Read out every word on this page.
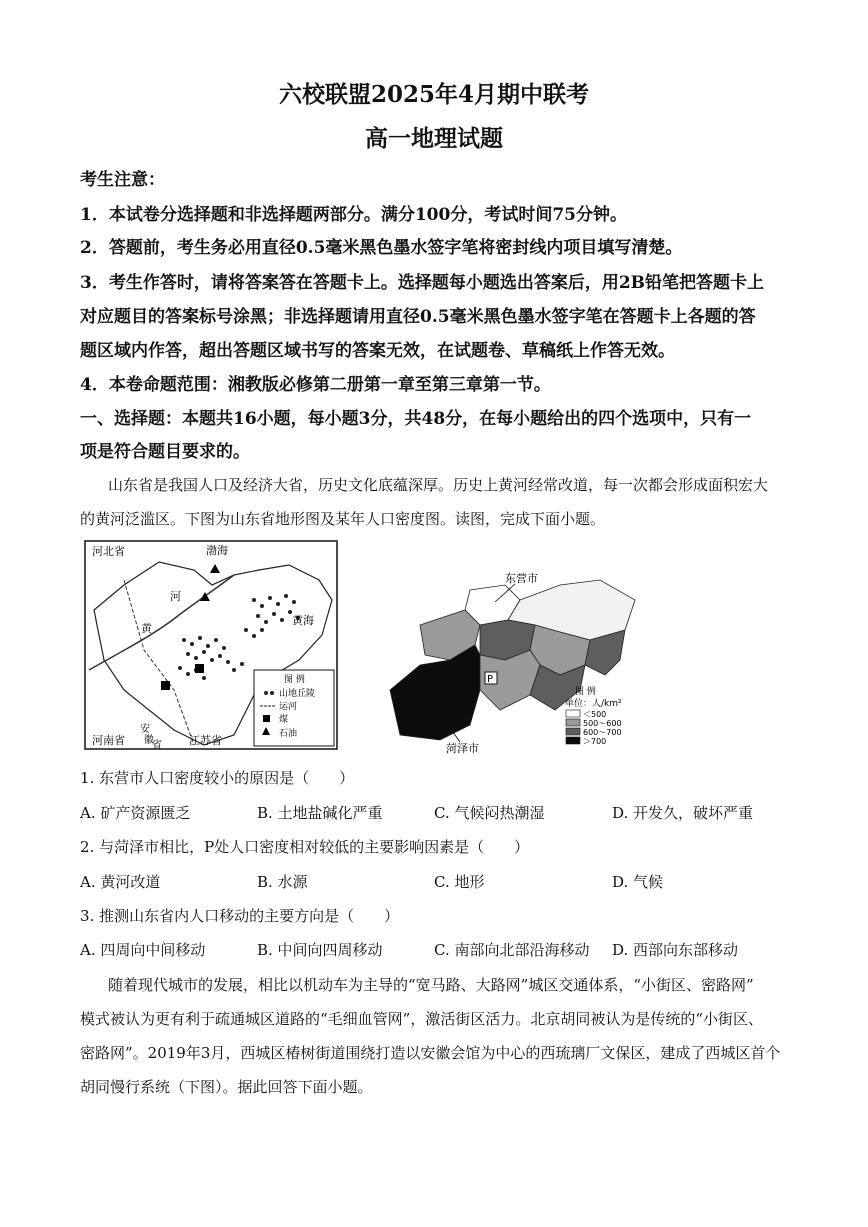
六校联盟2025年4月期中联考
高一地理试题
考生注意：
1．本试卷分选择题和非选择题两部分。满分100分，考试时间75分钟。
2．答题前，考生务必用直径0.5毫米黑色墨水签字笔将密封线内项目填写清楚。
3．考生作答时，请将答案答在答题卡上。选择题每小题选出答案后，用2B铅笔把答题卡上
对应题目的答案标号涂黑；非选择题请用直径0.5毫米黑色墨水签字笔在答题卡上各题的答
题区域内作答，超出答题区域书写的答案无效，在试题卷、草稿纸上作答无效。
4．本卷命题范围：湘教版必修第二册第一章至第三章第一节。
一、选择题：本题共16小题，每小题3分，共48分，在每小题给出的四个选项中，只有一
项是符合题目要求的。
山东省是我国人口及经济大省，历史文化底蕴深厚。历史上黄河经常改道，每一次都会形成面积宏大
的黄河泛滥区。下图为山东省地形图及某年人口密度图。读图，完成下面小题。
河北省	渤海
河
黄
黄海
河南省
安
徽
省 江苏省
图 例
山地丘陵
运河
煤
石油
P
东营市
菏泽市
图 例
单位：人/km²
＜500
500～600
600～700
＞700
1. 东营市人口密度较小的原因是（　　）
A. 矿产资源匮乏	B. 土地盐碱化严重	C. 气候闷热潮湿	D. 开发久，破坏严重
2. 与菏泽市相比，P处人口密度相对较低的主要影响因素是（　　）
A. 黄河改道	B. 水源	C. 地形	D. 气候
3. 推测山东省内人口移动的主要方向是（　　）
A. 四周向中间移动	B. 中间向四周移动	C. 南部向北部沿海移动 D. 西部向东部移动
随着现代城市的发展，相比以机动车为主导的“宽马路、大路网”城区交通体系，“小街区、密路网”
模式被认为更有利于疏通城区道路的“毛细血管网”，激活街区活力。北京胡同被认为是传统的“小街区、
密路网”。2019年3月，西城区椿树街道围绕打造以安徽会馆为中心的西琉璃厂文保区，建成了西城区首个
胡同慢行系统（下图）。据此回答下面小题。
